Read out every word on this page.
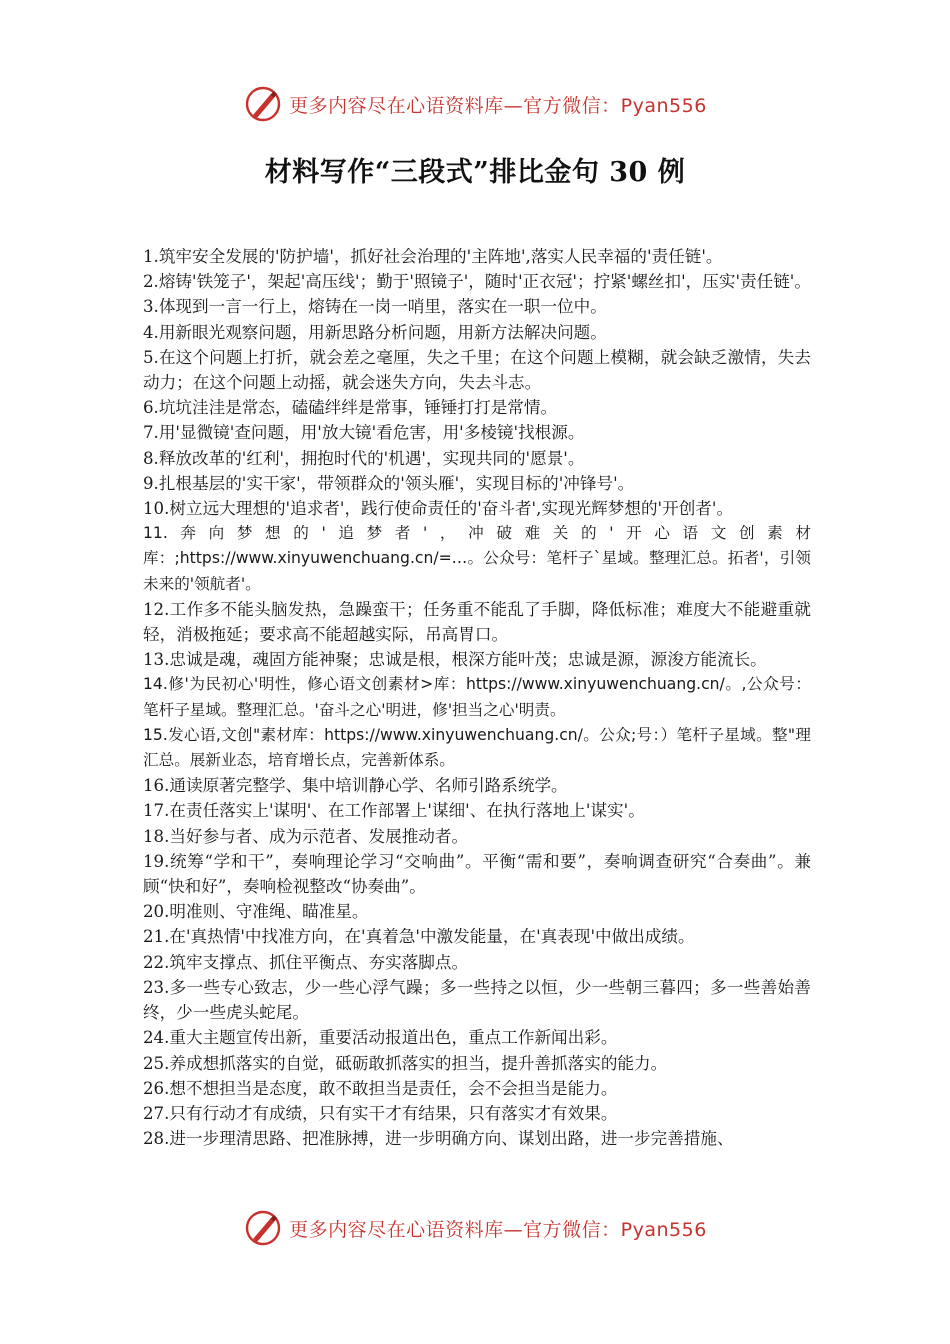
更多内容尽在心语资料库—官方微信：Pyan556
材料写作“三段式”排比金句 30 例

1.筑牢安全发展的'防护墙'，抓好社会治理的'主阵地',落实人民幸福的'责任链'。

2.熔铸'铁笼子'，架起'高压线'；勤于'照镜子'，随时'正衣冠'；拧紧'螺丝扣'，压实'责任链'。

3.体现到一言一行上，熔铸在一岗一哨里，落实在一职一位中。

4.用新眼光观察问题，用新思路分析问题，用新方法解决问题。

5.在这个问题上打折，就会差之毫厘，失之千里；在这个问题上模糊，就会缺乏激情，失去动力；在这个问题上动摇，就会迷失方向，失去斗志。

6.坑坑洼洼是常态，磕磕绊绊是常事，锤锤打打是常情。

7.用'显微镜'查问题，用'放大镜'看危害，用'多棱镜'找根源。

8.释放改革的'红利'，拥抱时代的'机遇'，实现共同的'愿景'。

9.扎根基层的'实干家'，带领群众的'领头雁'，实现目标的'冲锋号'。

10.树立远大理想的'追求者'，践行使命责任的'奋斗者',实现光辉梦想的'开创者'。

11.奔向梦想的'追梦者'，冲破难关的'开心语文创素材库：;https://www.xinyuwenchuang.cn/=…。公众号：笔杆子`星域。整理汇总。拓者'，引领未来的'领航者'。

12.工作多不能头脑发热，急躁蛮干；任务重不能乱了手脚，降低标准；难度大不能避重就轻，消极拖延；要求高不能超越实际，吊高胃口。

13.忠诚是魂，魂固方能神聚；忠诚是根，根深方能叶茂；忠诚是源，源浚方能流长。

14.修'为民初心'明性，修心语文创素材>库：https://www.xinyuwenchuang.cn/。,公众号：笔杆子星域。整理汇总。'奋斗之心'明进，修'担当之心'明责。

15.发心语,文创"素材库：https://www.xinyuwenchuang.cn/。公众;号：）笔杆子星域。整"理汇总。展新业态，培育增长点，完善新体系。

16.通读原著完整学、集中培训静心学、名师引路系统学。

17.在责任落实上'谋明'、在工作部署上'谋细'、在执行落地上'谋实'。

18.当好参与者、成为示范者、发展推动者。

19.统筹“学和干”，奏响理论学习“交响曲”。平衡“需和要”，奏响调查研究“合奏曲”。兼顾“快和好”，奏响检视整改“协奏曲”。

20.明准则、守准绳、瞄准星。

21.在'真热情'中找准方向，在'真着急'中激发能量，在'真表现'中做出成绩。

22.筑牢支撑点、抓住平衡点、夯实落脚点。

23.多一些专心致志，少一些心浮气躁；多一些持之以恒，少一些朝三暮四；多一些善始善终，少一些虎头蛇尾。

24.重大主题宣传出新，重要活动报道出色，重点工作新闻出彩。

25.养成想抓落实的自觉，砥砺敢抓落实的担当，提升善抓落实的能力。

26.想不想担当是态度，敢不敢担当是责任，会不会担当是能力。

27.只有行动才有成绩，只有实干才有结果，只有落实才有效果。

28.进一步理清思路、把准脉搏，进一步明确方向、谋划出路，进一步完善措施、

更多内容尽在心语资料库—官方微信：Pyan556
